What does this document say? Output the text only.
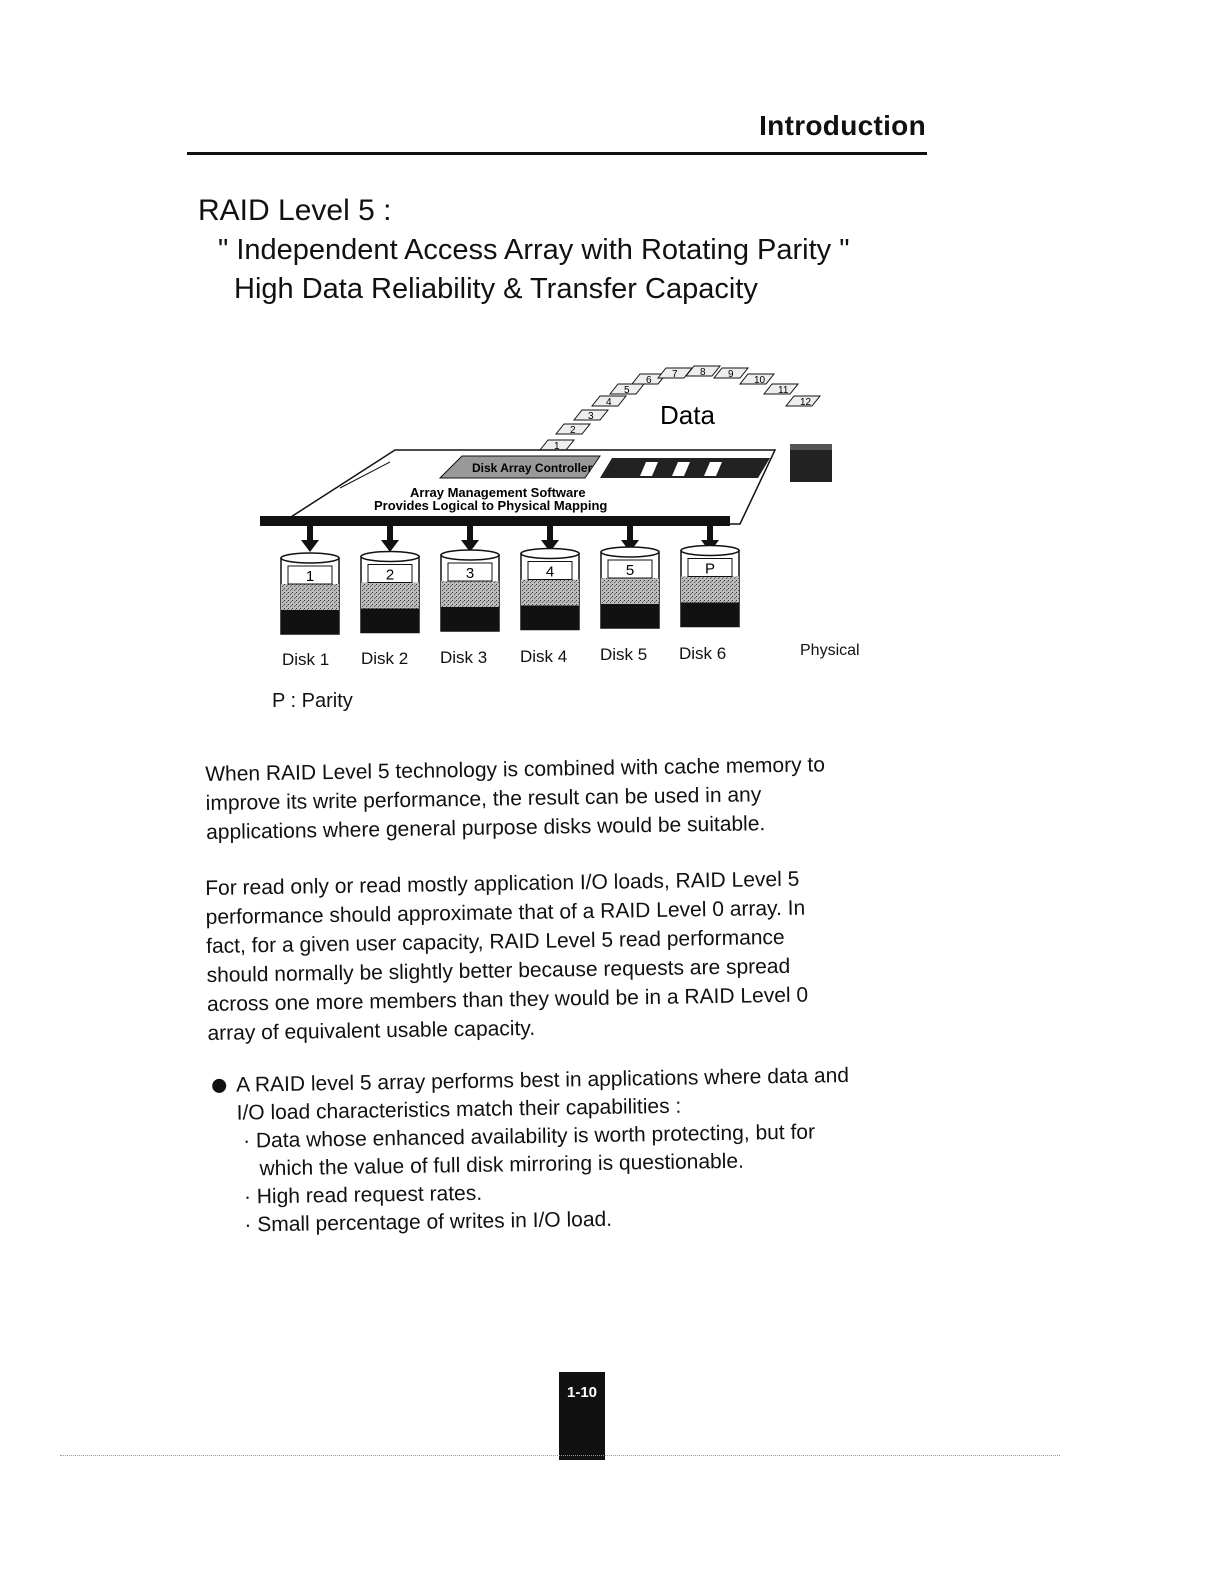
Introduction
RAID Level 5 :
" Independent Access Array with Rotating Parity "
High Data Reliability & Transfer Capacity
1
2
3
4
5
6
7 8 9
10
11
12
Data
Disk Array Controller
Array Management Software
Provides Logical to Physical Mapping
1	2	3	4	5	P
Disk 1 Disk 2 Disk 3 Disk 4 Disk 5 Disk 6	Physical
P : Parity
When RAID Level 5 technology is combined with cache memory to
improve its write performance, the result can be used in any
applications where general purpose disks would be suitable.
For read only or read mostly application I/O loads, RAID Level 5
performance should approximate that of a RAID Level 0 array. In
fact, for a given user capacity, RAID Level 5 read performance
should normally be slightly better because requests are spread
across one more members than they would be in a RAID Level 0
array of equivalent usable capacity.
A RAID level 5 array performs best in applications where data and
I/O load characteristics match their capabilities :
· Data whose enhanced availability is worth protecting, but for
which the value of full disk mirroring is questionable.
· High read request rates.
· Small percentage of writes in I/O load.
1-10
